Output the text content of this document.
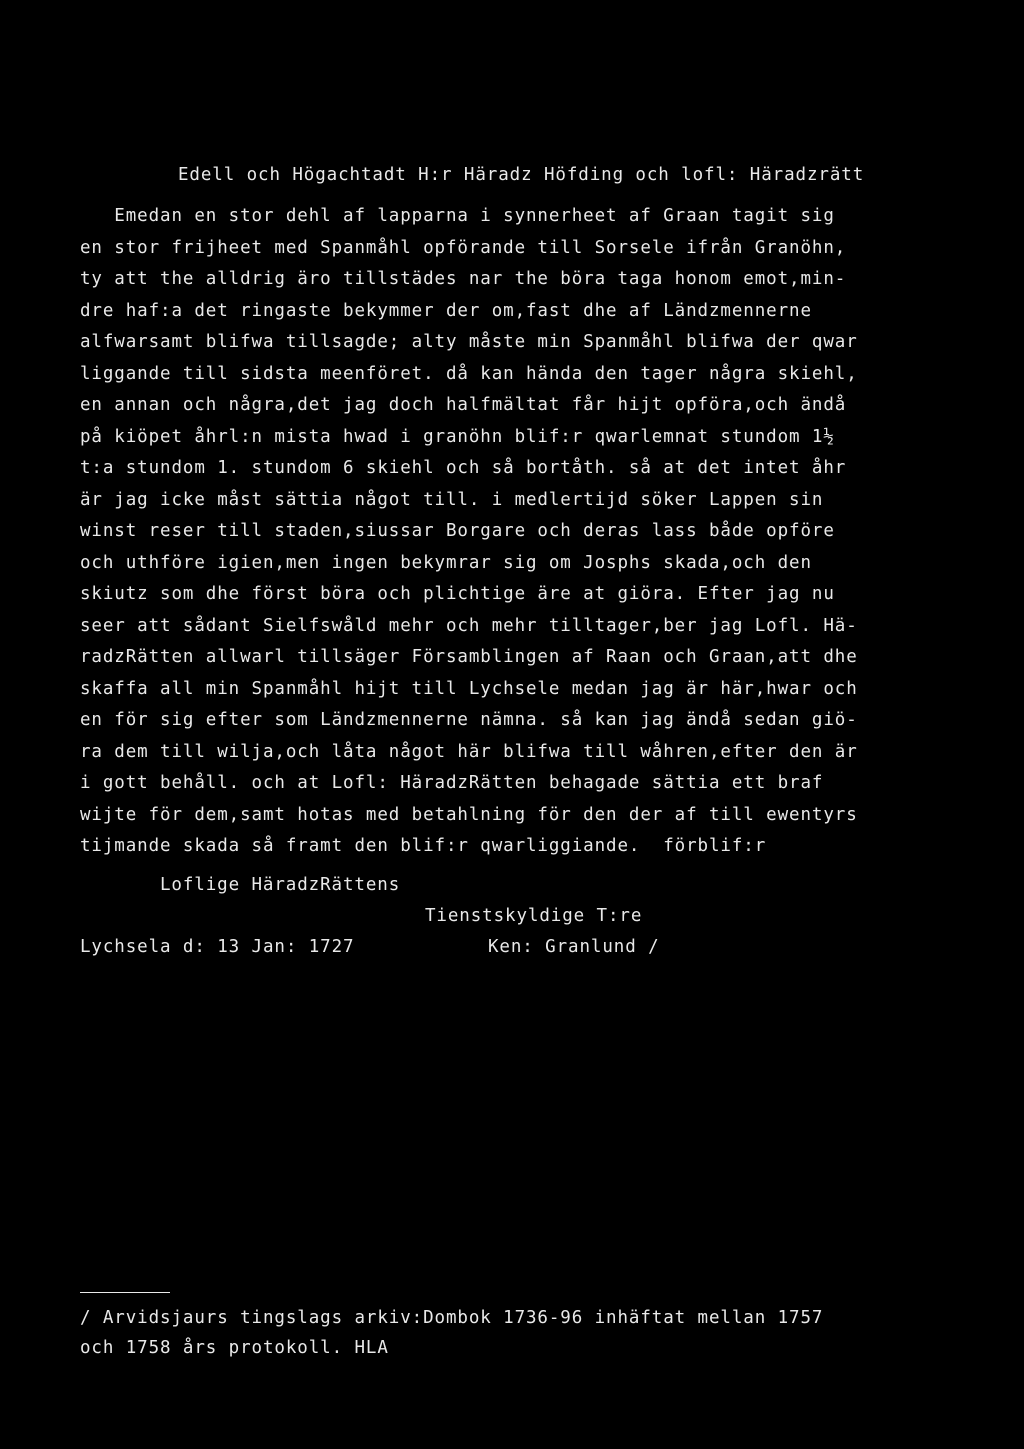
Edell och Högachtadt H:r Häradz Höfding och lofl: Häradzrätt
Emedan en stor dehl af lapparna i synnerheet af Graan tagit sig
en stor frijheet med Spanmåhl opförande till Sorsele ifrån Granöhn,
ty att the alldrig äro tillstädes nar the böra taga honom emot,min-
dre haf:a det ringaste bekymmer der om,fast dhe af Ländzmennerne
alfwarsamt blifwa tillsagde; alty måste min Spanmåhl blifwa der qwar
liggande till sidsta meenföret. då kan hända den tager några skiehl,
en annan och några,det jag doch halfmältat får hijt opföra,och ändå
på kiöpet åhrl:n mista hwad i granöhn blif:r qwarlemnat stundom 1½
t:a stundom 1. stundom 6 skiehl och så bortåth. så at det intet åhr
är jag icke måst sättia något till. i medlertijd söker Lappen sin
winst reser till staden,siussar Borgare och deras lass både opföre
och uthföre igien,men ingen bekymrar sig om Josphs skada,och den
skiutz som dhe först böra och plichtige äre at giöra. Efter jag nu
seer att sådant Sielfswåld mehr och mehr tilltager,ber jag Lofl. Hä-
radzRätten allwarl tillsäger Församblingen af Raan och Graan,att dhe
skaffa all min Spanmåhl hijt till Lychsele medan jag är här,hwar och
en för sig efter som Ländzmennerne nämna. så kan jag ändå sedan giö-
ra dem till wilja,och låta något här blifwa till wåhren,efter den är
i gott behåll. och at Lofl: HäradzRätten behagade sättia ett braf
wijte för dem,samt hotas med betahlning för den der af till ewentyrs
tijmande skada så framt den blif:r qwarliggiande.  förblif:r
Loflige HäradzRättens
Tienstskyldige T:re
Lychsela d: 13 Jan: 1727	Ken: Granlund /
/ Arvidsjaurs tingslags arkiv:Dombok 1736-96 inhäftat mellan 1757
och 1758 års protokoll. HLA
